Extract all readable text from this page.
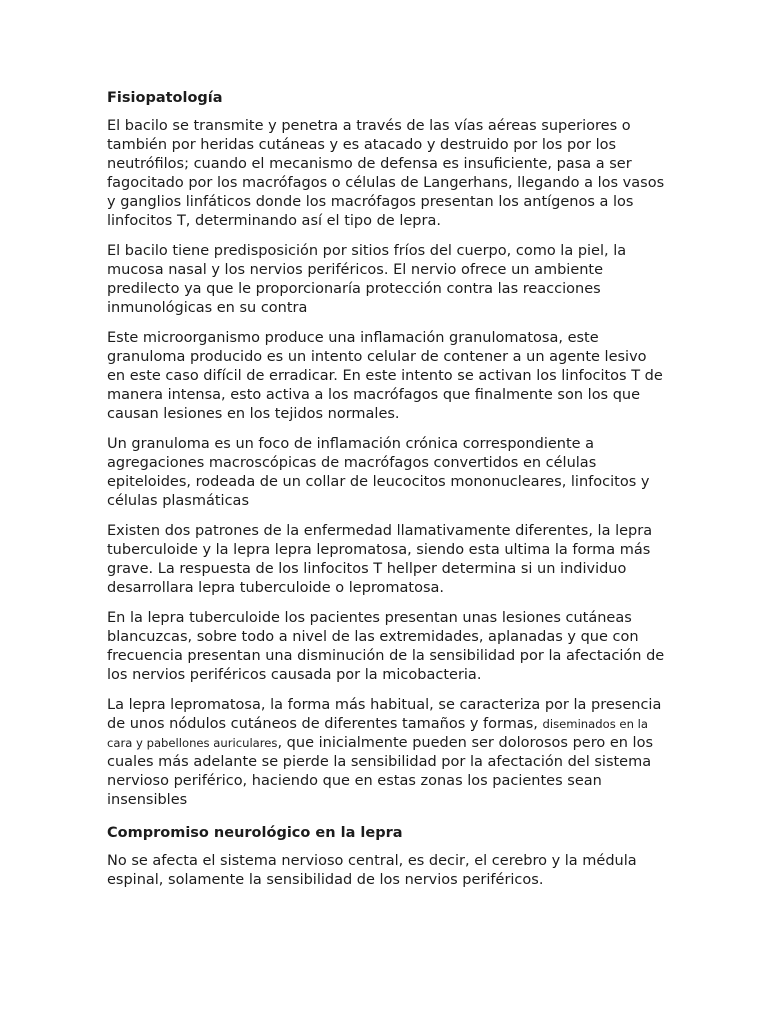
Fisiopatología

El bacilo se transmite y penetra a través de las vías aéreas superiores o también por heridas cutáneas y es atacado y destruido por los por los neutrófilos; cuando el mecanismo de defensa es insuficiente, pasa a ser fagocitado por los macrófagos o células de Langerhans, llegando a los vasos y ganglios linfáticos donde los macrófagos presentan los antígenos a los linfocitos T, determinando así el tipo de lepra.

El bacilo tiene predisposición por sitios fríos del cuerpo, como la piel, la mucosa nasal y los nervios periféricos. El nervio ofrece un ambiente predilecto ya que le proporcionaría protección contra las reacciones inmunológicas en su contra

Este microorganismo produce una inflamación granulomatosa, este granuloma producido es un intento celular de contener a un agente lesivo en este caso difícil de erradicar. En este intento se activan los linfocitos T de manera intensa, esto activa a los macrófagos que finalmente son los que causan lesiones en los tejidos normales.

Un granuloma es un foco de inflamación crónica correspondiente a agregaciones macroscópicas de macrófagos convertidos en células epiteloides, rodeada de un collar de leucocitos mononucleares, linfocitos y células plasmáticas

Existen dos patrones de la enfermedad llamativamente diferentes, la lepra tuberculoide y la lepra lepra lepromatosa, siendo esta ultima la forma más grave. La respuesta de los linfocitos T hellper determina si un individuo desarrollara lepra tuberculoide o lepromatosa.

En la lepra tuberculoide los pacientes presentan unas lesiones cutáneas blancuzcas, sobre todo a nivel de las extremidades, aplanadas y que con frecuencia presentan una disminución de la sensibilidad por la afectación de los nervios periféricos causada por la micobacteria.

La lepra lepromatosa, la forma más habitual, se caracteriza por la presencia de unos nódulos cutáneos de diferentes tamaños y formas, diseminados en la cara y pabellones auriculares, que inicialmente pueden ser dolorosos pero en los cuales más adelante se pierde la sensibilidad por la afectación del sistema nervioso periférico, haciendo que en estas zonas los pacientes sean insensibles

Compromiso neurológico en la lepra

No se afecta el sistema nervioso central, es decir, el cerebro y la médula espinal, solamente la sensibilidad de los nervios periféricos.
